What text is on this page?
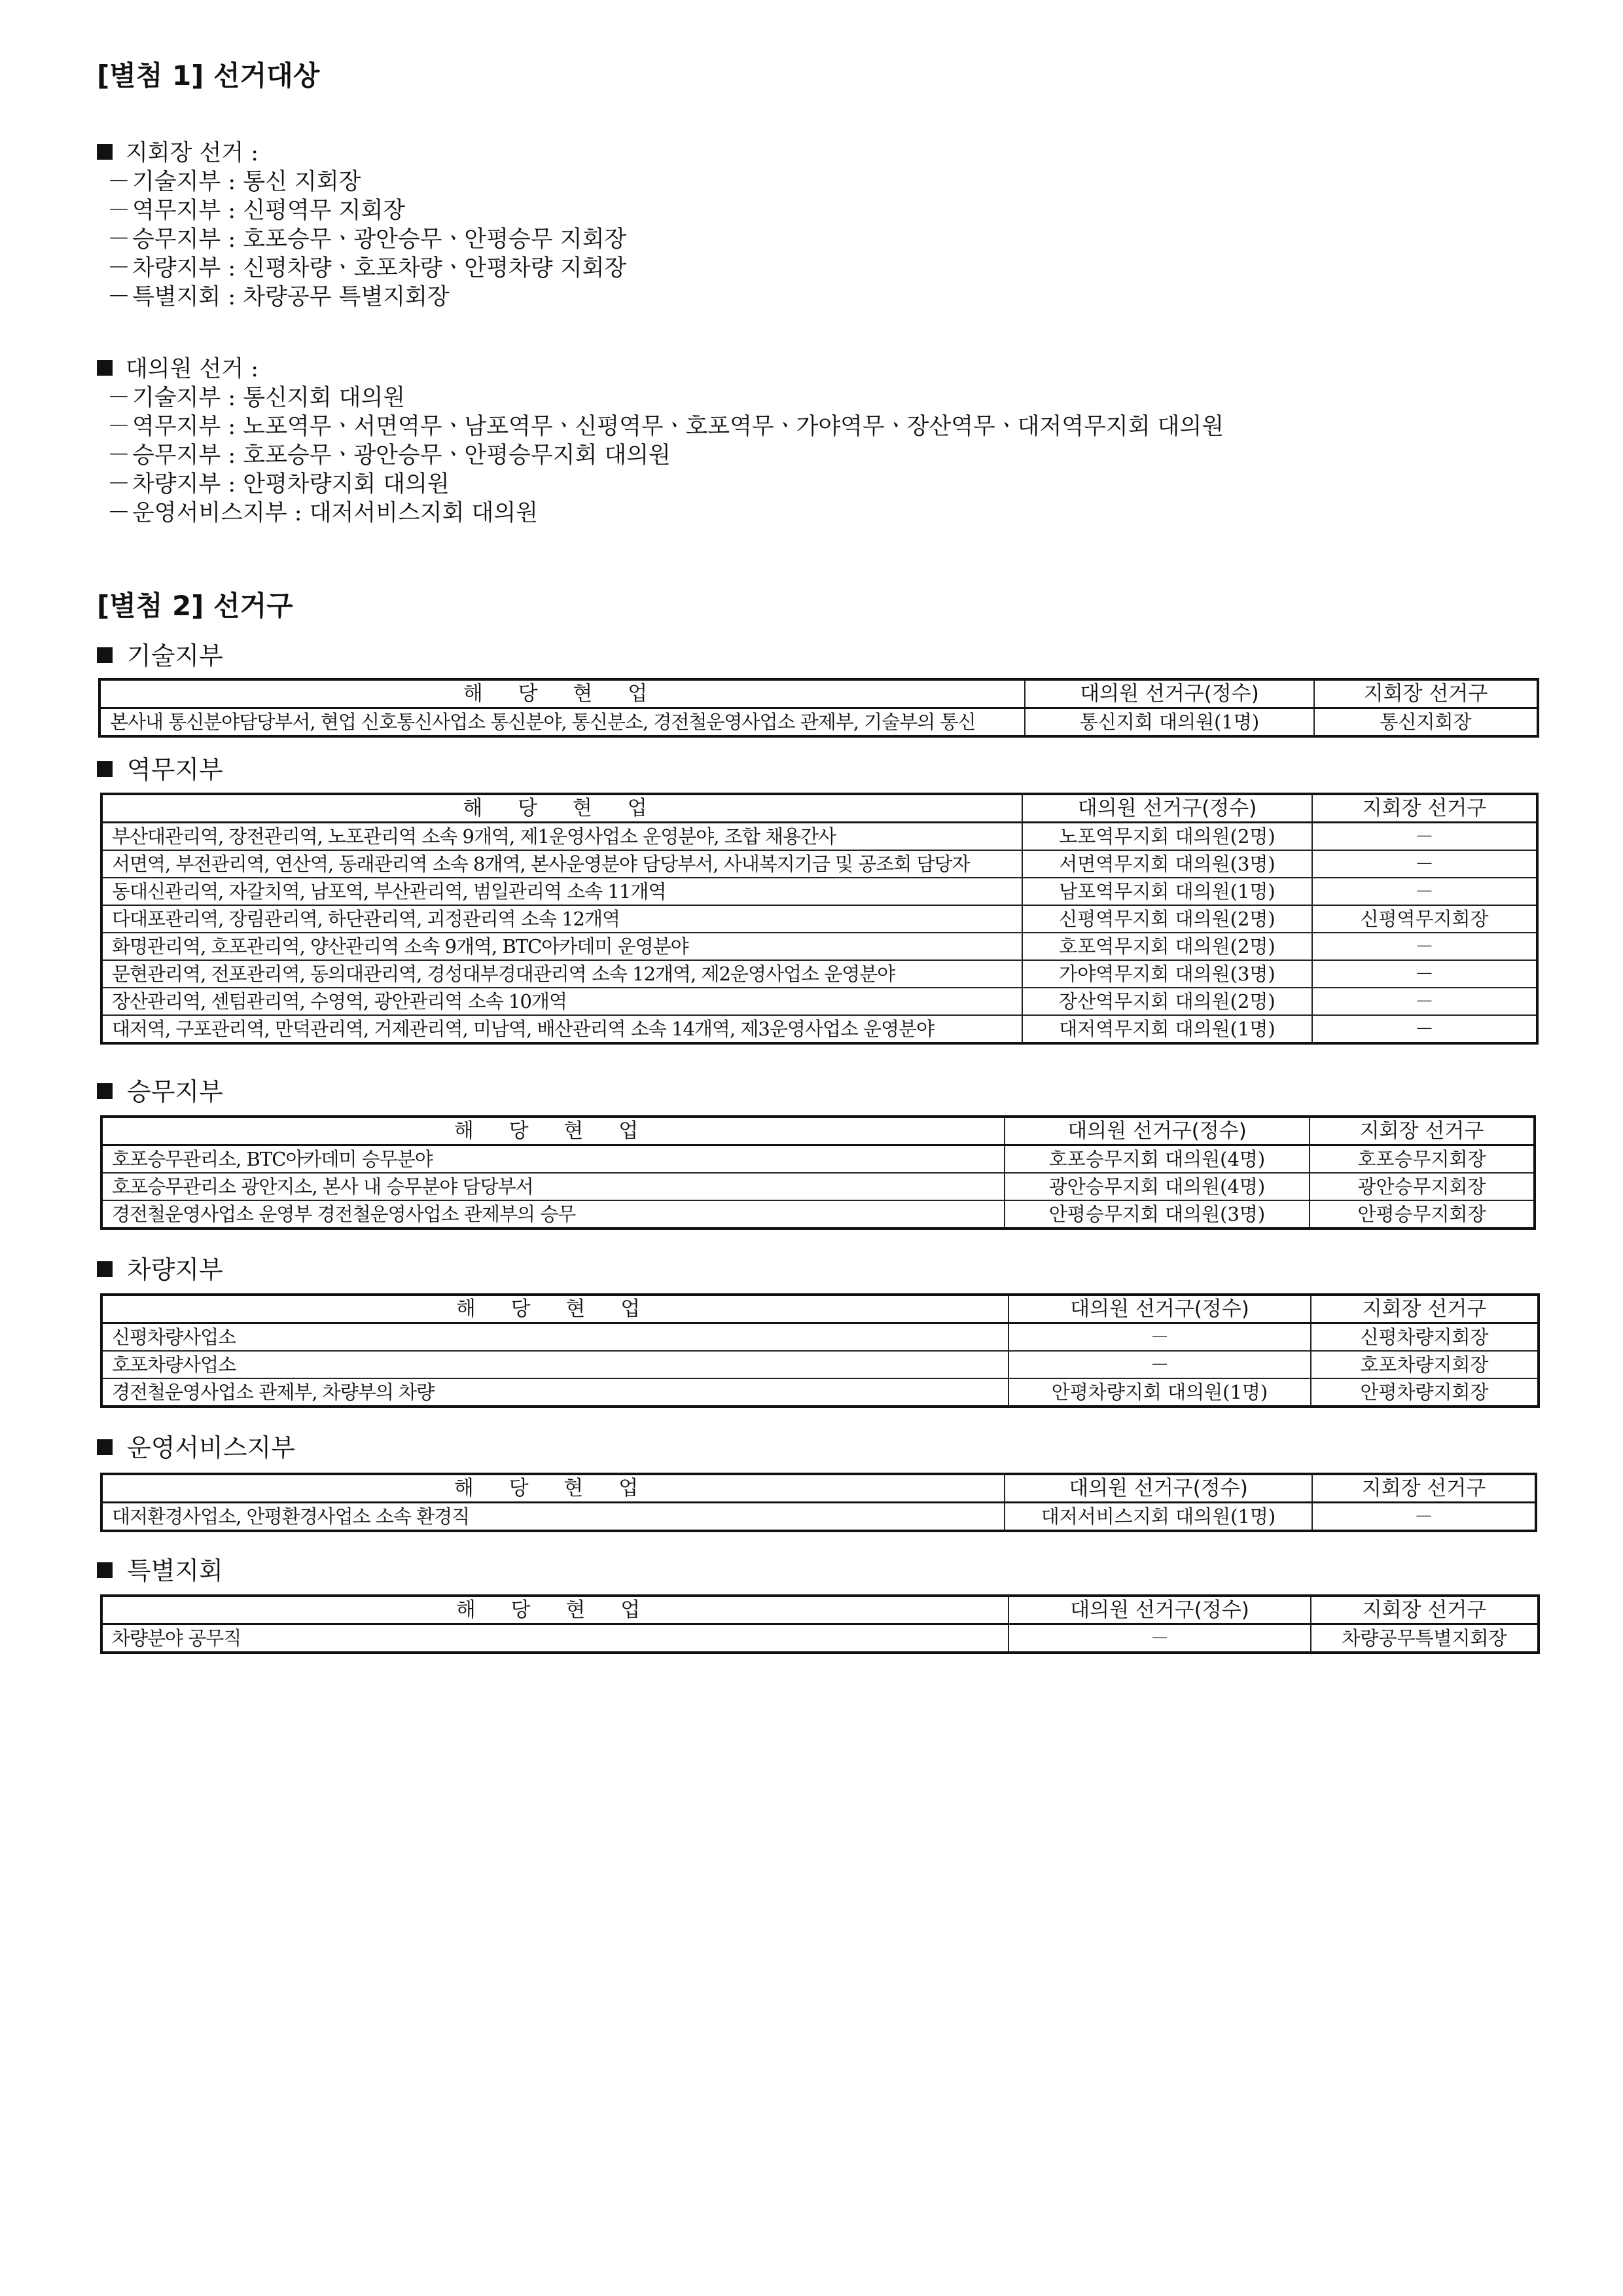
[별첨 1] 선거대상
지회장 선거 :
－기술지부 : 통신 지회장
－역무지부 : 신평역무 지회장
－승무지부 : 호포승무ㆍ광안승무ㆍ안평승무 지회장
－차량지부 : 신평차량ㆍ호포차량ㆍ안평차량 지회장
－특별지회 : 차량공무 특별지회장
대의원 선거 :
－기술지부 : 통신지회 대의원
－역무지부 : 노포역무ㆍ서면역무ㆍ남포역무ㆍ신평역무ㆍ호포역무ㆍ가야역무ㆍ장산역무ㆍ대저역무지회 대의원
－승무지부 : 호포승무ㆍ광안승무ㆍ안평승무지회 대의원
－차량지부 : 안평차량지회 대의원
－운영서비스지부 : 대저서비스지회 대의원
[별첨 2] 선거구
기술지부
해 당 현 업	대의원 선거구(정수)	지회장 선거구
본사내 통신분야담당부서, 현업 신호통신사업소 통신분야, 통신분소, 경전철운영사업소 관제부, 기술부의 통신	통신지회 대의원(1명)	통신지회장
역무지부
해 당 현 업	대의원 선거구(정수)	지회장 선거구
부산대관리역, 장전관리역, 노포관리역 소속 9개역, 제1운영사업소 운영분야, 조합 채용간사	노포역무지회 대의원(2명)	－
서면역, 부전관리역, 연산역, 동래관리역 소속 8개역, 본사운영분야 담당부서, 사내복지기금 및 공조회 담당자	서면역무지회 대의원(3명)	－
동대신관리역, 자갈치역, 남포역, 부산관리역, 범일관리역 소속 11개역	남포역무지회 대의원(1명)	－
다대포관리역, 장림관리역, 하단관리역, 괴정관리역 소속 12개역	신평역무지회 대의원(2명)	신평역무지회장
화명관리역, 호포관리역, 양산관리역 소속 9개역, BTC아카데미 운영분야	호포역무지회 대의원(2명)	－
문현관리역, 전포관리역, 동의대관리역, 경성대부경대관리역 소속 12개역, 제2운영사업소 운영분야	가야역무지회 대의원(3명)	－
장산관리역, 센텀관리역, 수영역, 광안관리역 소속 10개역	장산역무지회 대의원(2명)	－
대저역, 구포관리역, 만덕관리역, 거제관리역, 미남역, 배산관리역 소속 14개역, 제3운영사업소 운영분야	대저역무지회 대의원(1명)	－
승무지부
해 당 현 업	대의원 선거구(정수)	지회장 선거구
호포승무관리소, BTC아카데미 승무분야	호포승무지회 대의원(4명)	호포승무지회장
호포승무관리소 광안지소, 본사 내 승무분야 담당부서	광안승무지회 대의원(4명)	광안승무지회장
경전철운영사업소 운영부 경전철운영사업소 관제부의 승무	안평승무지회 대의원(3명)	안평승무지회장
차량지부
해 당 현 업	대의원 선거구(정수)	지회장 선거구
신평차량사업소	－	신평차량지회장
호포차량사업소	－	호포차량지회장
경전철운영사업소 관제부, 차량부의 차량	안평차량지회 대의원(1명)	안평차량지회장
운영서비스지부
해 당 현 업	대의원 선거구(정수)	지회장 선거구
대저환경사업소, 안평환경사업소 소속 환경직	대저서비스지회 대의원(1명)	－
특별지회
해 당 현 업	대의원 선거구(정수)	지회장 선거구
차량분야 공무직	－	차량공무특별지회장
